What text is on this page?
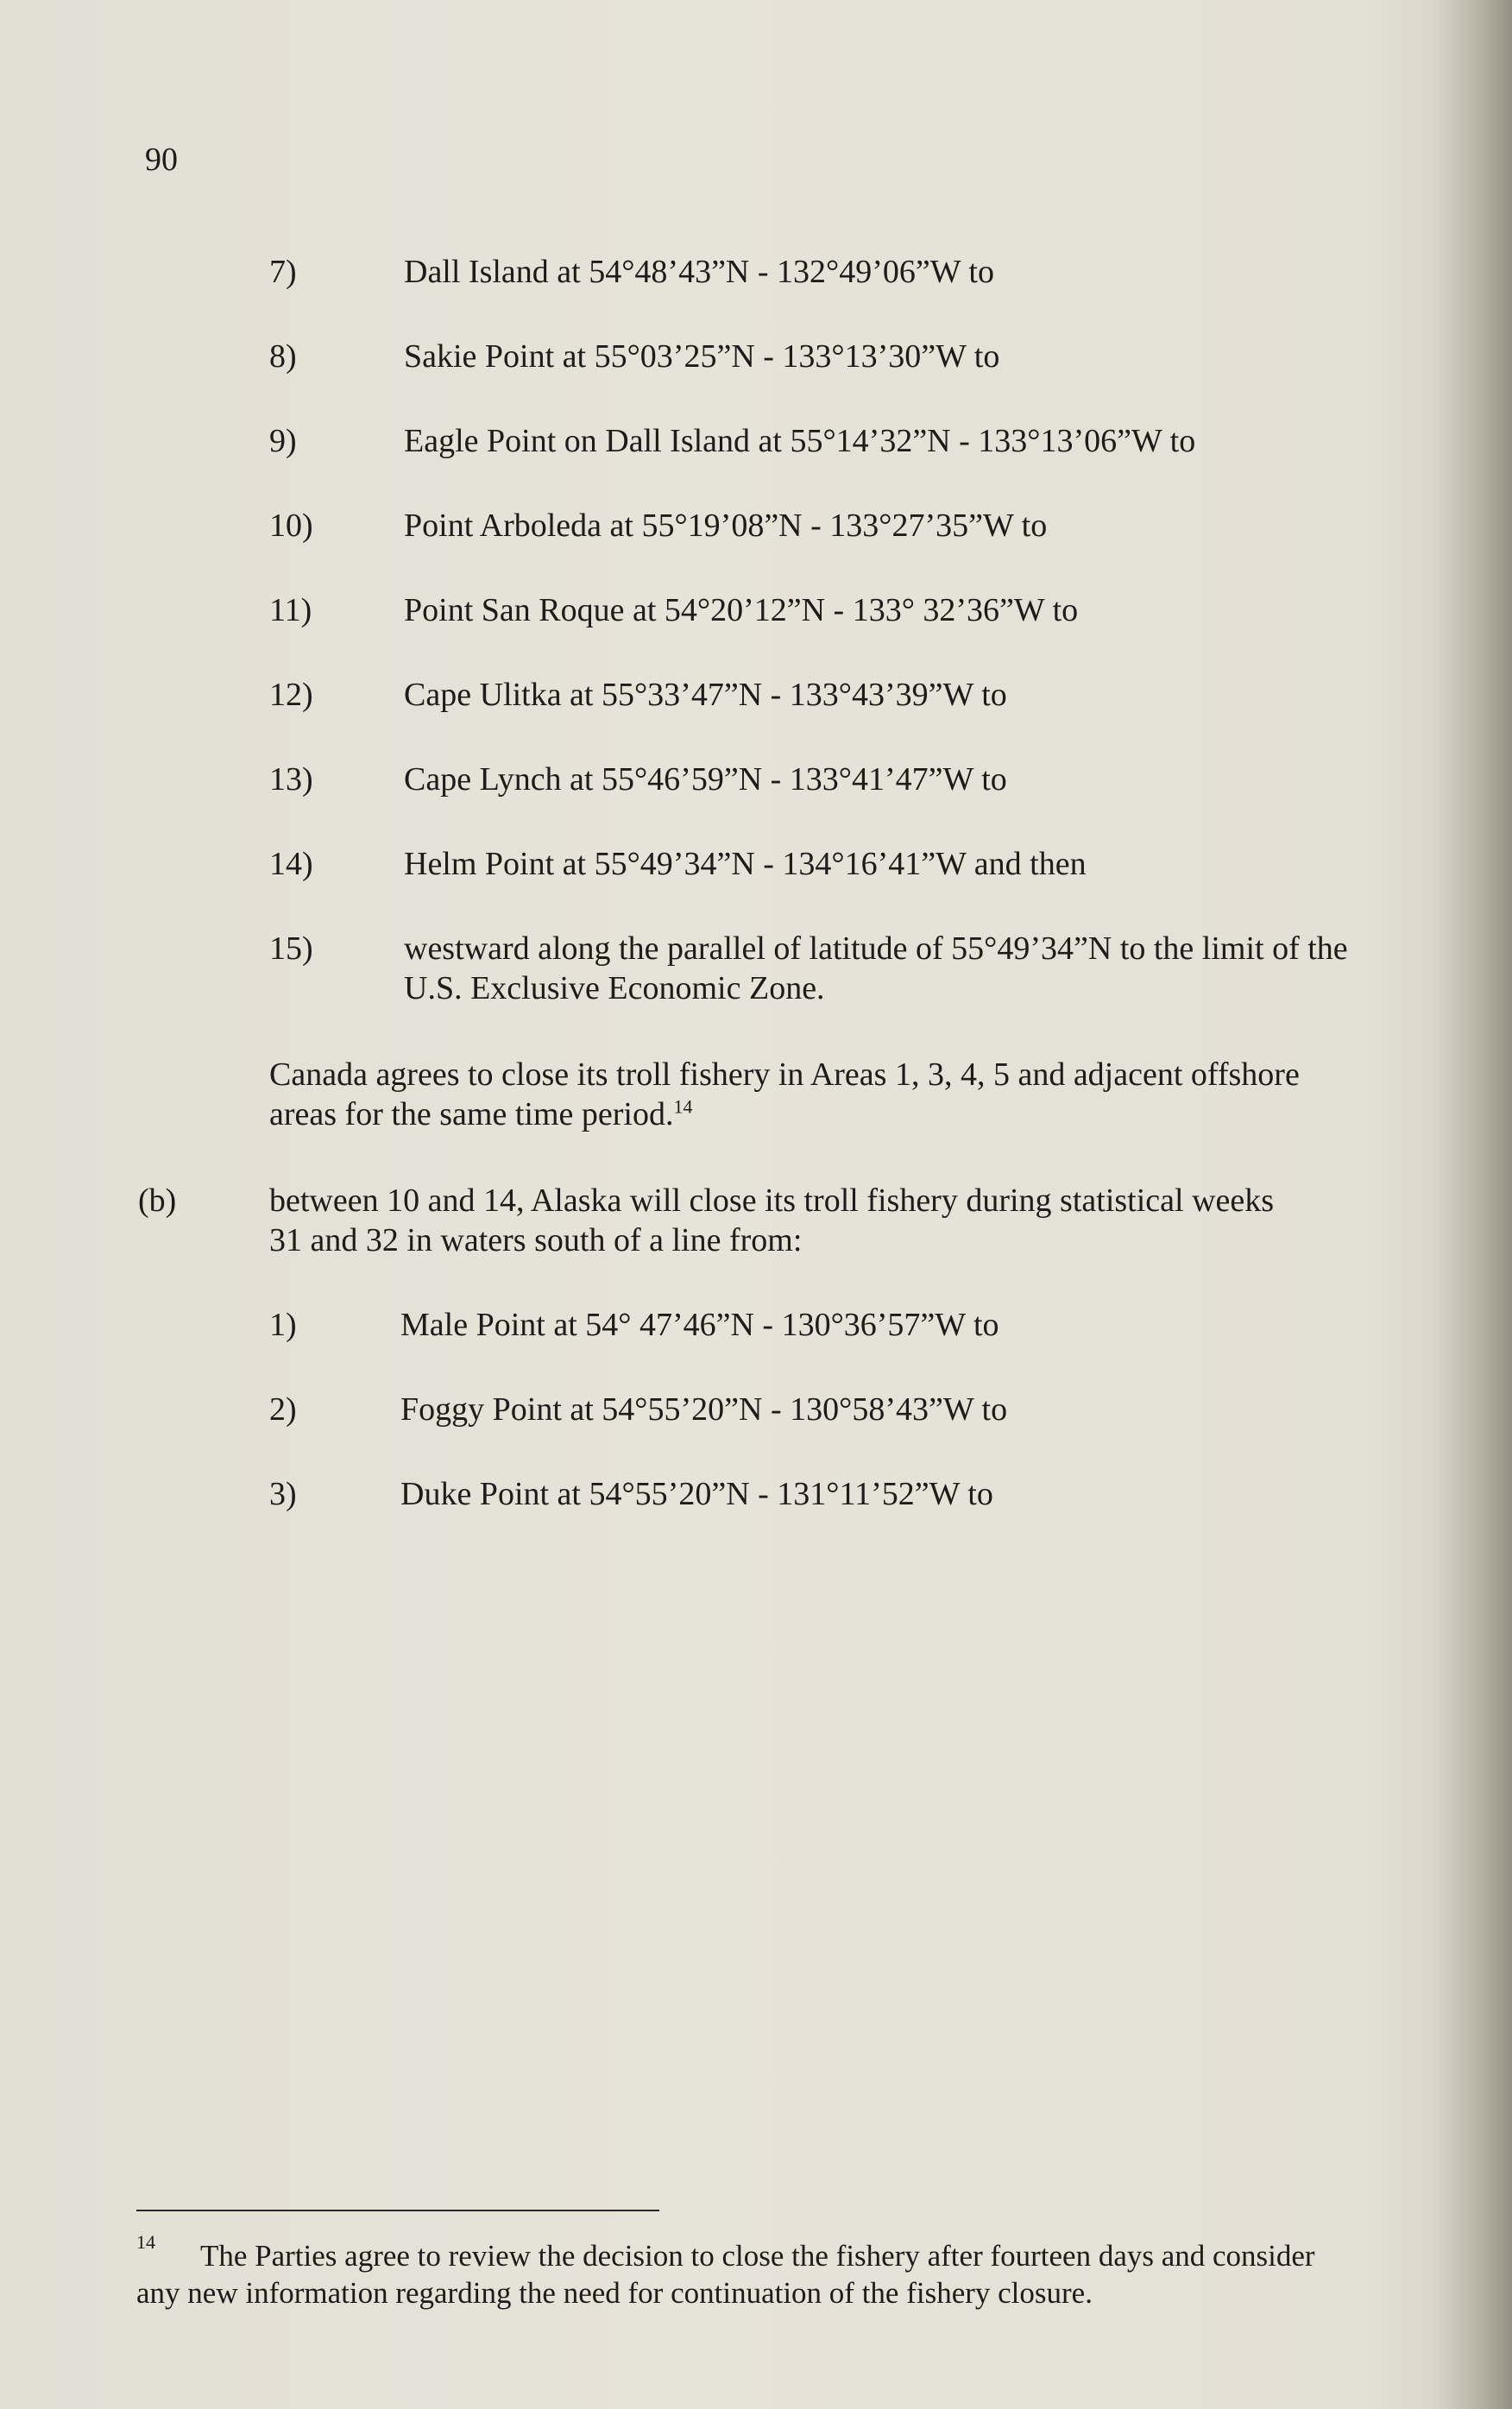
90
7)	Dall Island at 54°48’43”N - 132°49’06”W to
8)	Sakie Point at 55°03’25”N - 133°13’30”W to
9)	Eagle Point on Dall Island at 55°14’32”N - 133°13’06”W to
10)	Point Arboleda at 55°19’08”N - 133°27’35”W to
11)	Point San Roque at 54°20’12”N - 133° 32’36”W to
12)	Cape Ulitka at 55°33’47”N - 133°43’39”W to
13)	Cape Lynch at 55°46’59”N - 133°41’47”W to
14)	Helm Point at 55°49’34”N - 134°16’41”W and then
15)	westward along the parallel of latitude of 55°49’34”N to the limit of the U.S. Exclusive Economic Zone.
Canada agrees to close its troll fishery in Areas 1, 3, 4, 5 and adjacent offshore areas for the same time period.$^{14}$
(b)	between 10 and 14, Alaska will close its troll fishery during statistical weeks 31 and 32 in waters south of a line from:
1)	Male Point at 54° 47’46”N - 130°36’57”W to
2)	Foggy Point at 54°55’20”N - 130°58’43”W to
3)	Duke Point at 54°55’20”N - 131°11’52”W to
14	The Parties agree to review the decision to close the fishery after fourteen days and consider any new information regarding the need for continuation of the fishery closure.
